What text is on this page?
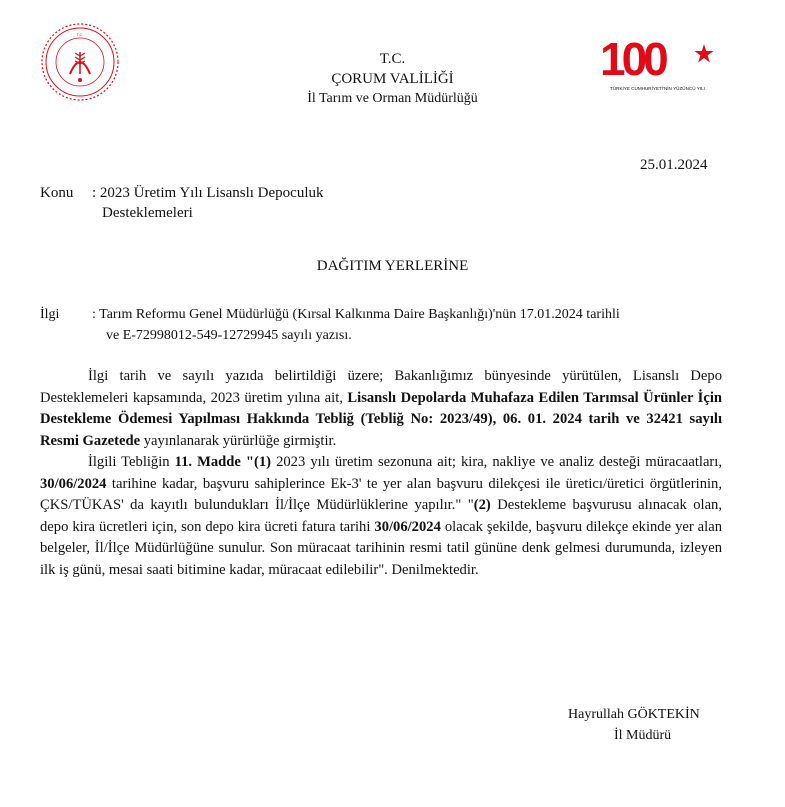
T.C.
T.C.
ÇORUM VALİLİĞİ
İl Tarım ve Orman Müdürlüğü
100
TÜRKİYE CUMHURİYETİ'NİN YÜZÜNCÜ YILI
25.01.2024
Konu : 2023 Üretim Yılı Lisanslı Depoculuk
Desteklemeleri
DAĞITIM YERLERİNE
İlgi : Tarım Reformu Genel Müdürlüğü (Kırsal Kalkınma Daire Başkanlığı)'nün 17.01.2024 tarihli
ve E-72998012-549-12729945 sayılı yazısı.

İlgi tarih ve sayılı yazıda belirtildiği üzere; Bakanlığımız bünyesinde yürütülen, Lisanslı Depo Desteklemeleri kapsamında, 2023 üretim yılına ait, Lisanslı Depolarda Muhafaza Edilen Tarımsal Ürünler İçin Destekleme Ödemesi Yapılması Hakkında Tebliğ (Tebliğ No: 2023/49), 06. 01. 2024 tarih ve 32421 sayılı Resmi Gazetede yayınlanarak yürürlüğe girmiştir.

İlgili Tebliğin 11. Madde "(1) 2023 yılı üretim sezonuna ait; kira, nakliye ve analiz desteği müracaatları, 30/06/2024 tarihine kadar, başvuru sahiplerince Ek-3' te yer alan başvuru dilekçesi ile üreticı/üretici örgütlerinin, ÇKS/TÜKAS' da kayıtlı bulundukları İl/İlçe Müdürlüklerine yapılır." "(2) Destekleme başvurusu alınacak olan, depo kira ücretleri için, son depo kira ücreti fatura tarihi 30/06/2024 olacak şekilde, başvuru dilekçe ekinde yer alan belgeler, İl/İlçe Müdürlüğüne sunulur. Son müracaat tarihinin resmi tatil gününe denk gelmesi durumunda, izleyen ilk iş günü, mesai saati bitimine kadar, müracaat edilebilir". Denilmektedir.

Hayrullah GÖKTEKİN
İl Müdürü
